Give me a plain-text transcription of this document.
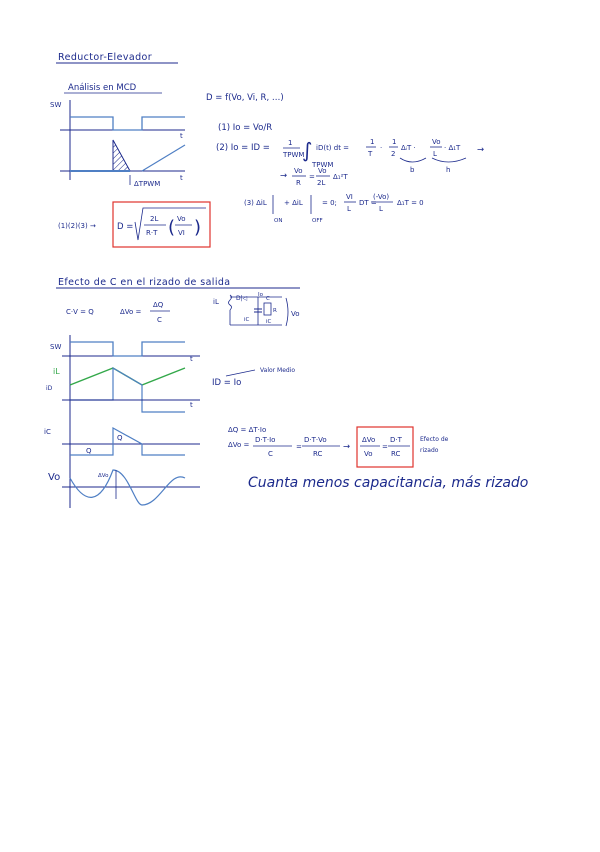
Reductor-Elevador
Análisis en MCD
SW
t
t
ΔTPWM
D = f(Vo, Vi, R, …)
(1) Io = Vo/R
(2) Io = ID =	1
TPWM
∫
TPWM
iD(t) dt =
1
T
·
1
2
ΔᵢT ·
Vo
L
· Δ₁T
b	h
→
→ Vo
R
=
Vo
2L
Δ₁²T
(3) ΔiL
ON
+ ΔiL
OFF
= 0;
VI
L
DT =
(-Vo)
L
Δ₁T = 0
(1)(2)(3) → D =
2L
R·T ( Vo
VI )
Efecto de C en el rizado de salida
C·V = Q	ΔVo =
ΔQ
C
iL	D|◁ Io
C
R
iC	iC
Vo
SW
t
iL
iD
t
Valor Medio
ID = Io
iC
Q
Q
Vo	ΔVo
ΔQ = ΔT·Io
ΔVo =
D·T·Io
C
=
D·T·Vo
RC
→
ΔVo
Vo
=
D·T
RC
Efecto de
rizado
Cuanta menos capacitancia, más rizado
